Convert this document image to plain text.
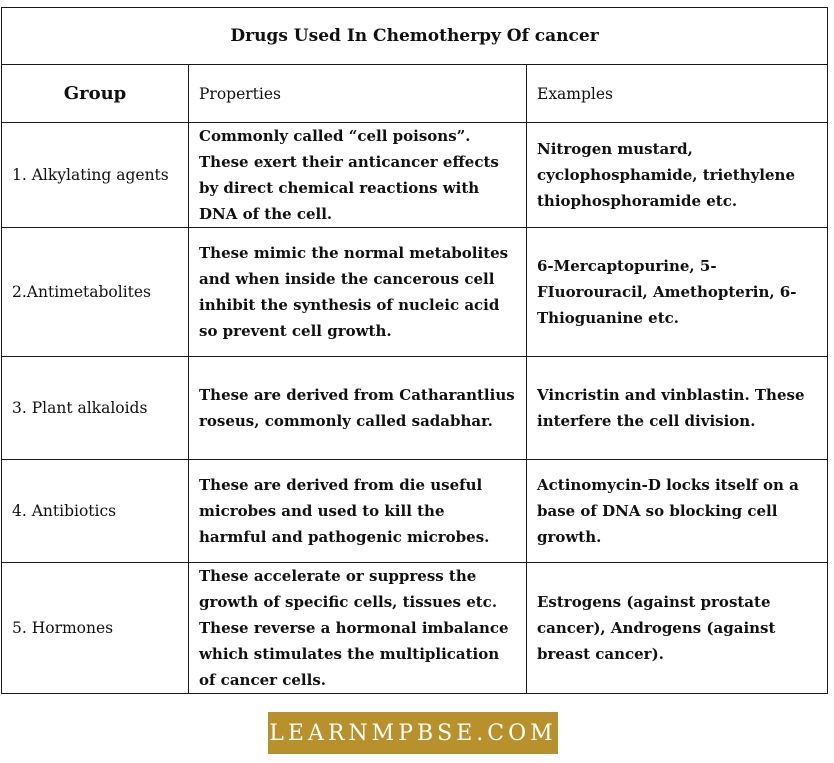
Drugs Used In Chemotherpy Of cancer		
Group	Properties	Examples
1. Alkylating agents	Commonly called “cell poisons”. These exert their anticancer effects by direct chemical reactions with DNA of the cell.	Nitrogen mustard, cyclophosphamide, triethylene thiophosphoramide etc.
2.Antimetabolites	These mimic the normal metabolites and when inside the cancerous cell inhibit the synthesis of nucleic acid so prevent cell growth.	6-Mercaptopurine, 5-FIuorouracil, Amethopterin, 6- Thioguanine etc.
3. Plant alkaloids	These are derived from Catharantlius roseus, commonly called sadabhar.	Vincristin and vinblastin. These interfere the cell division.
4. Antibiotics	These are derived from die useful microbes and used to kill the harmful and pathogenic microbes.	Actinomycin-D locks itself on a base of DNA so blocking cell growth.
5. Hormones	These accelerate or suppress the growth of specific cells, tissues etc. These reverse a hormonal imbalance which stimulates the multiplication of cancer cells.	Estrogens (against prostate cancer), Androgens (against breast cancer).
LEARNMPBSE.COM
